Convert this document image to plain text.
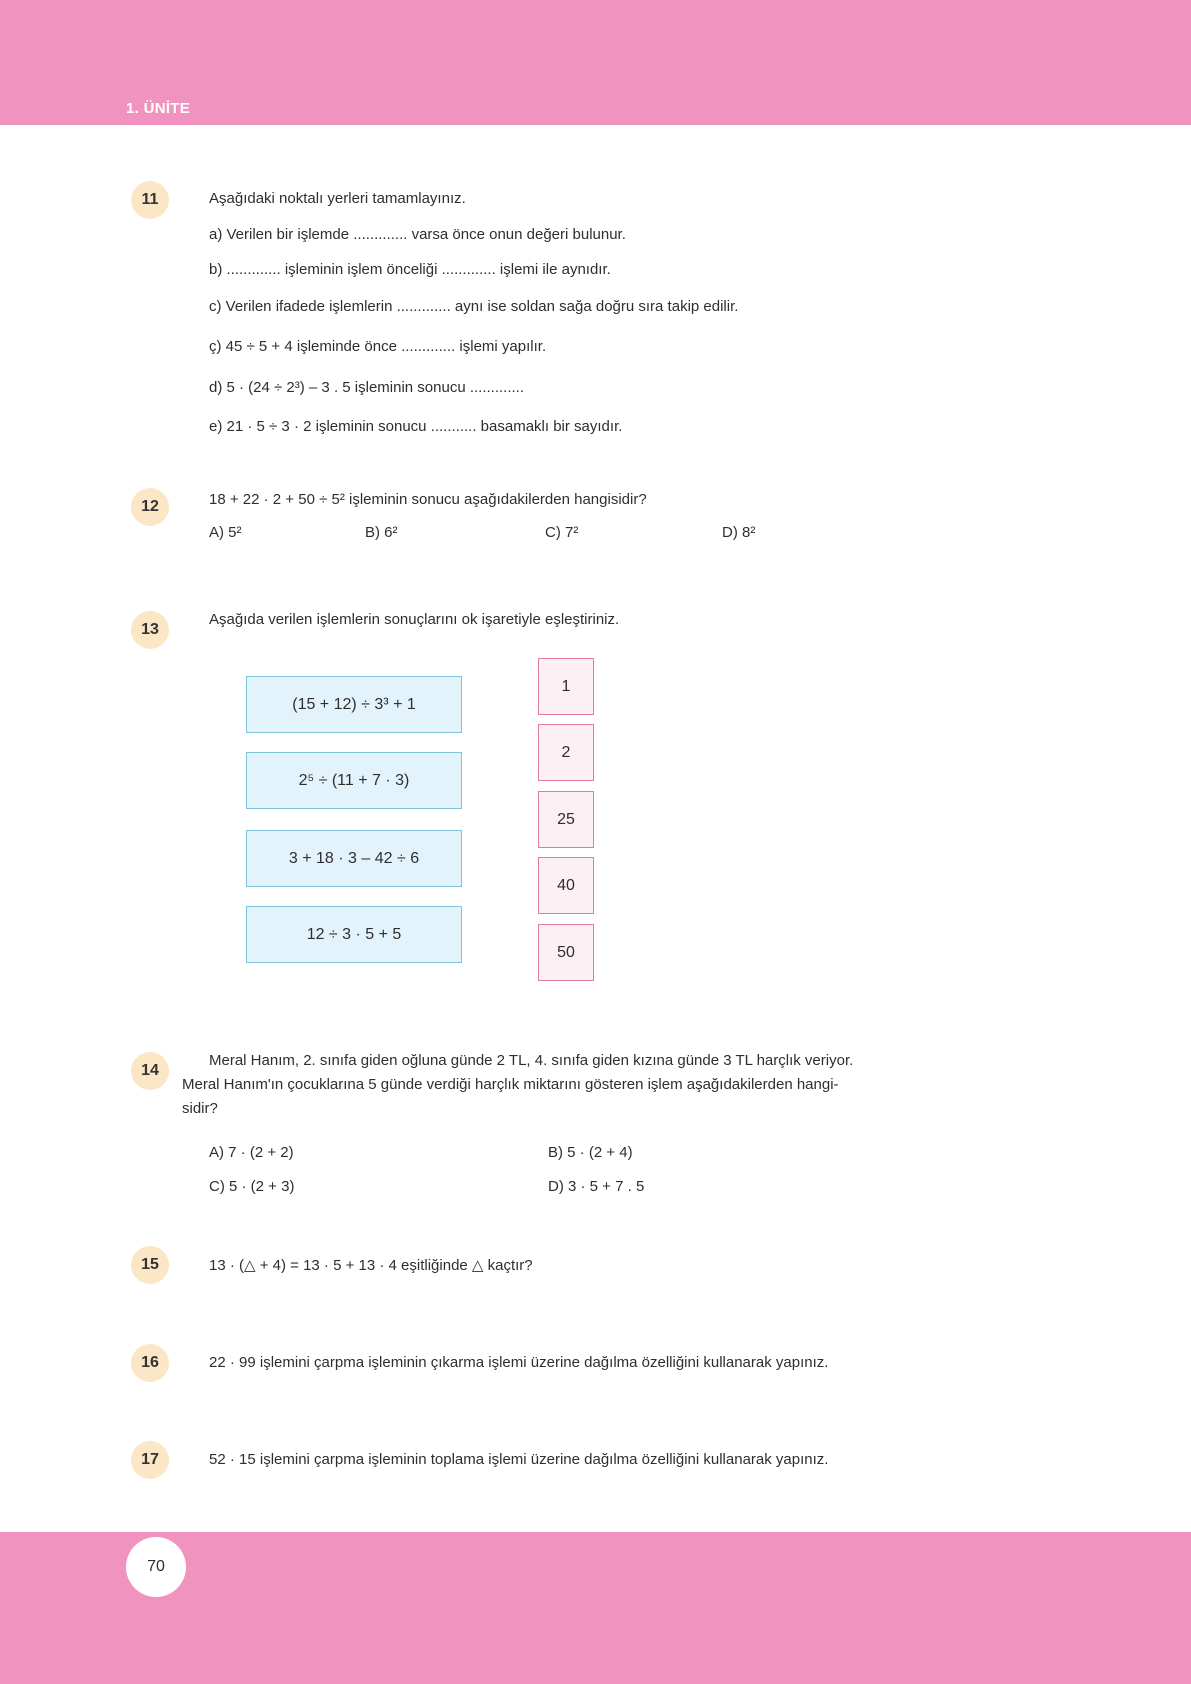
1. ÜNİTE
11	Aşağıdaki noktalı yerleri tamamlayınız.
a) Verilen bir işlemde ............. varsa önce onun değeri bulunur.
b) ............. işleminin işlem önceliği ............. işlemi ile aynıdır.
c) Verilen ifadede işlemlerin ............. aynı ise soldan sağa doğru sıra takip edilir.
ç) 45 ÷ 5 + 4 işleminde önce ............. işlemi yapılır.
d) 5 · (24 ÷ 2³) – 3 . 5 işleminin sonucu .............
e) 21 · 5 ÷ 3 · 2 işleminin sonucu ........... basamaklı bir sayıdır.
12	18 + 22 · 2 + 50 ÷ 5² işleminin sonucu aşağıdakilerden hangisidir?
A) 5²	B) 6²	C) 7²	D) 8²
13
Aşağıda verilen işlemlerin sonuçlarını ok işaretiyle eşleştiriniz.
(15 + 12) ÷ 3³ + 1
2⁵ ÷ (11 + 7 · 3)
3 + 18 · 3 – 42 ÷ 6
12 ÷ 3 · 5 + 5
1
2
25
40
50
14
Meral Hanım, 2. sınıfa giden oğluna günde 2 TL, 4. sınıfa giden kızına günde 3 TL harçlık veriyor.
Meral Hanım'ın çocuklarına 5 günde verdiği harçlık miktarını gösteren işlem aşağıdakilerden hangi-
sidir?
A) 7 · (2 + 2)	B) 5 · (2 + 4)
C) 5 · (2 + 3)	D) 3 · 5 + 7 . 5
15	13 · (△ + 4) = 13 · 5 + 13 · 4 eşitliğinde △ kaçtır?
16	22 · 99 işlemini çarpma işleminin çıkarma işlemi üzerine dağılma özelliğini kullanarak yapınız.
17	52 · 15 işlemini çarpma işleminin toplama işlemi üzerine dağılma özelliğini kullanarak yapınız.
70
